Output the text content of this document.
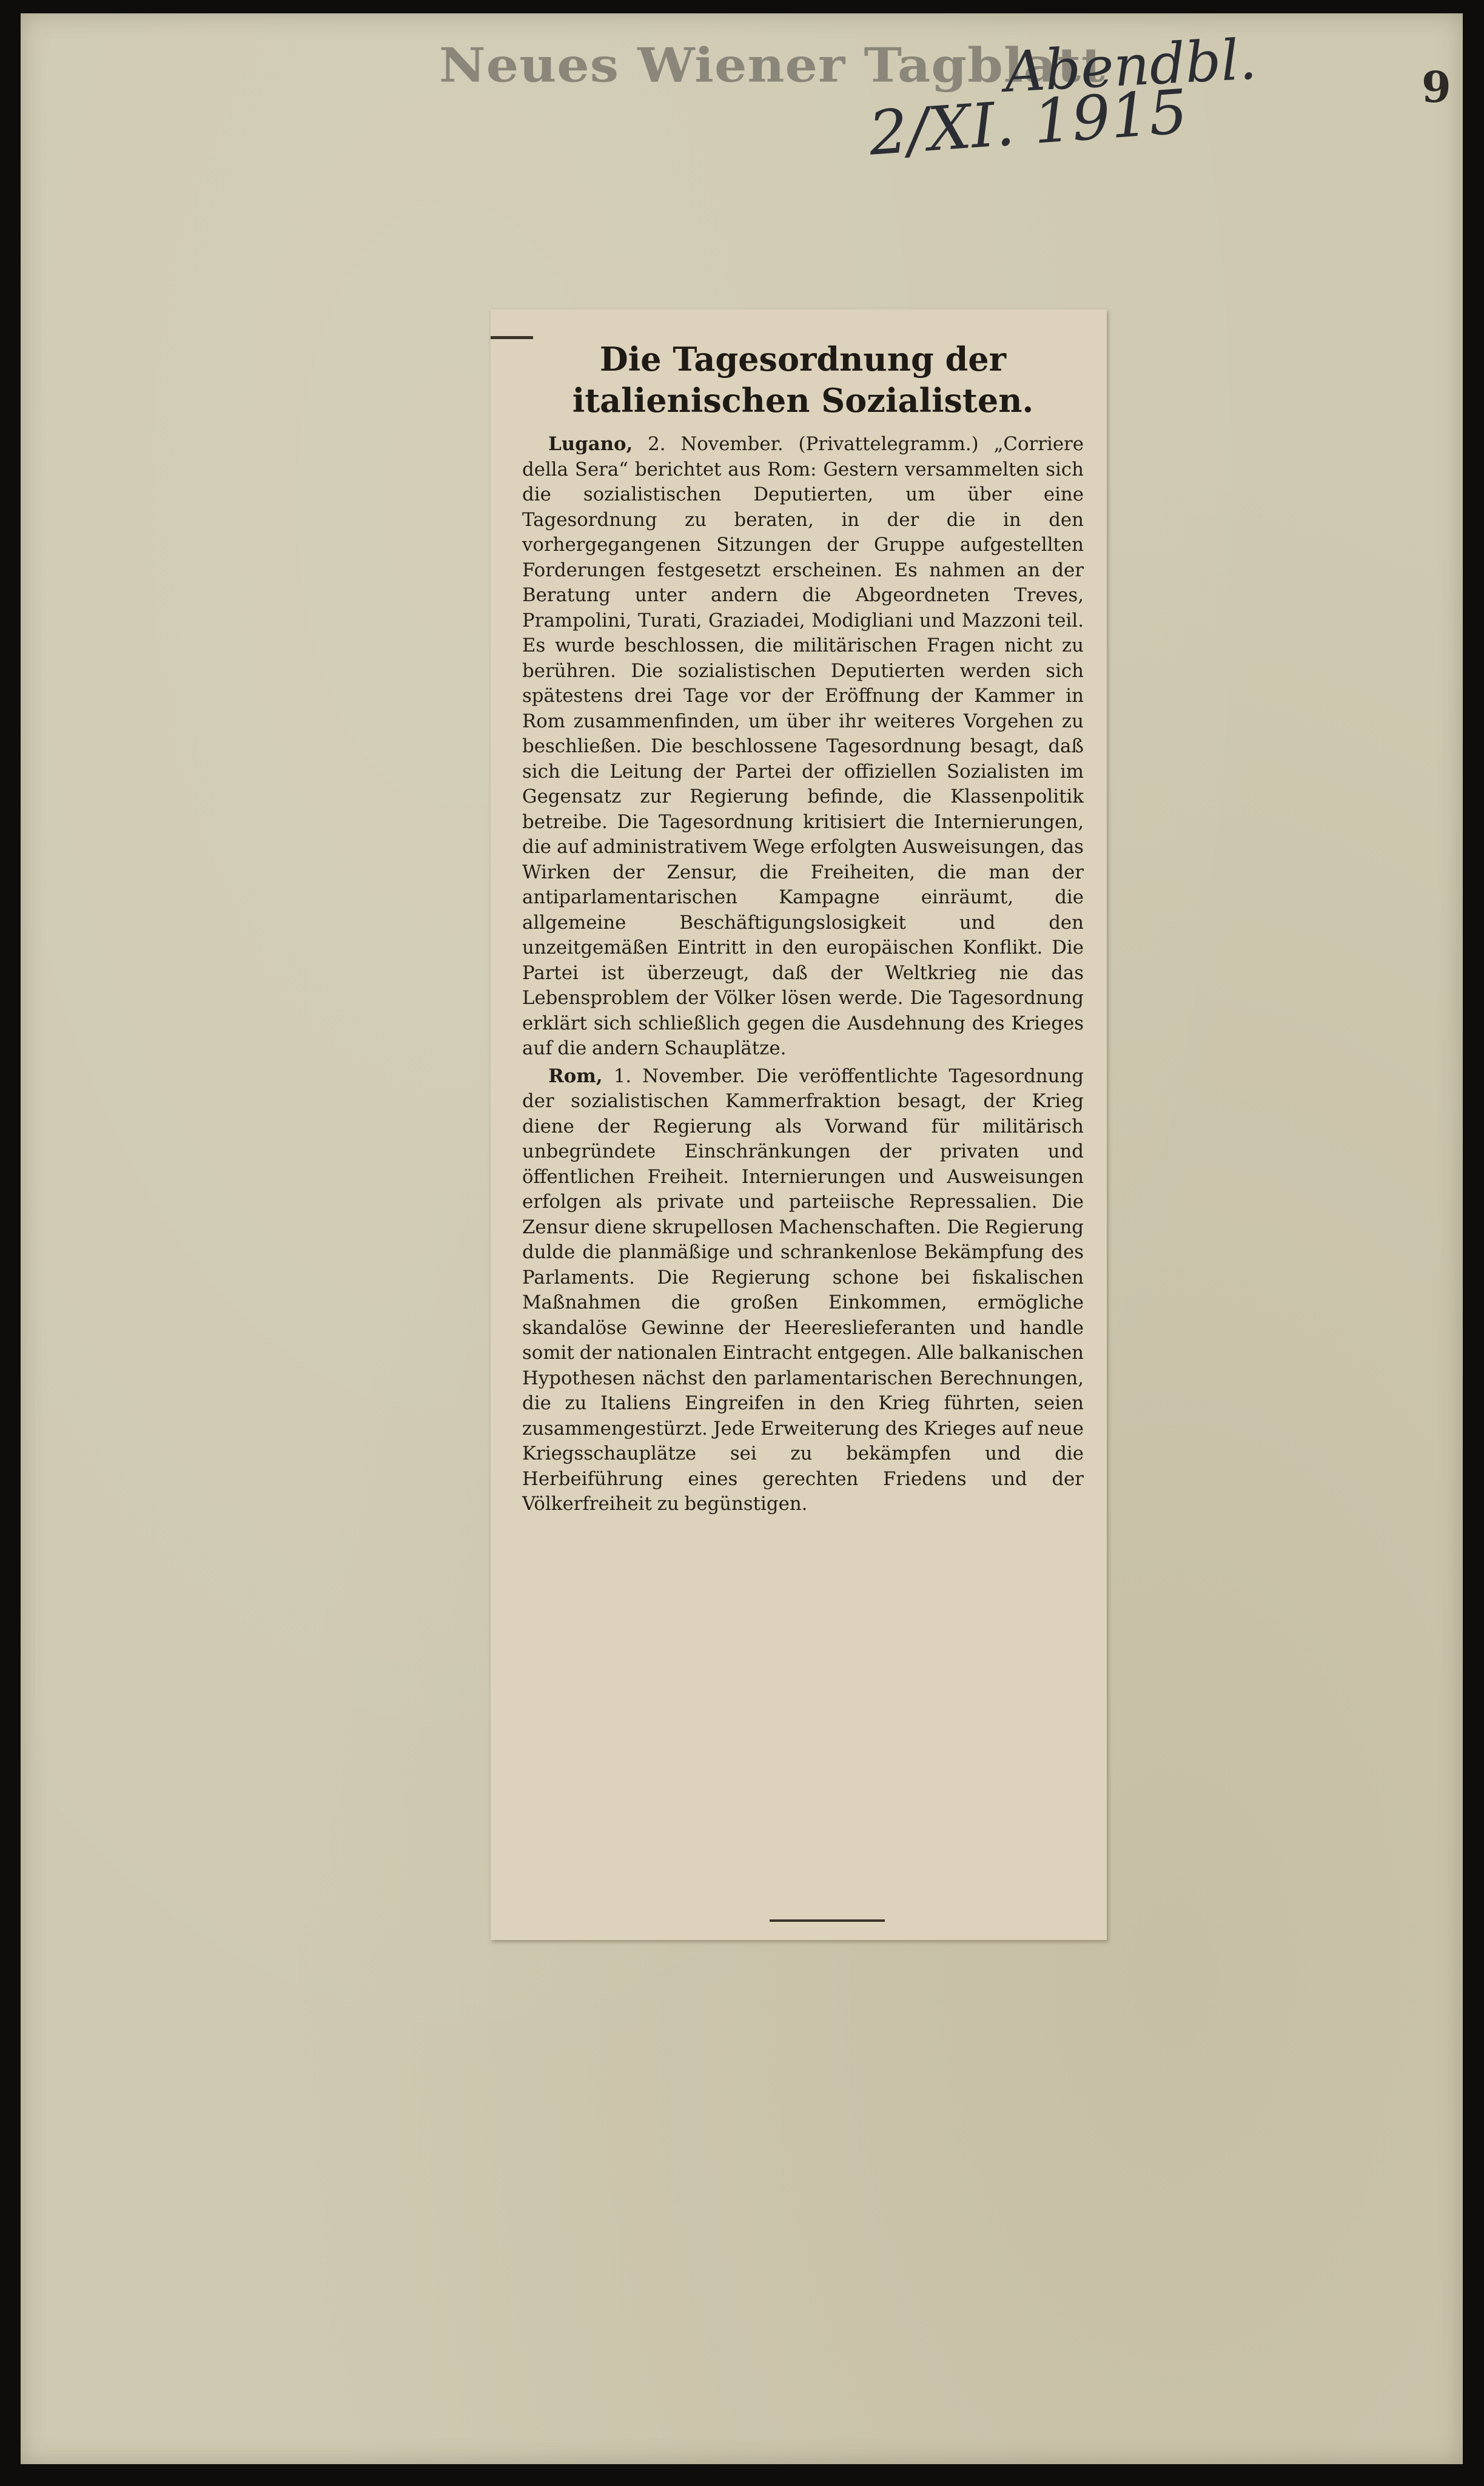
Neues Wiener Tagblatt
Abendbl.
2/XI. 1915	9
Die Tagesordnung der italienischen Sozialisten.

Lugano, 2. November. (Privattelegramm.) „Corriere della Sera“ berichtet aus Rom: Gestern versammelten sich die sozialistischen Deputierten, um über eine Tagesordnung zu beraten, in der die in den vorhergegangenen Sitzungen der Gruppe aufgestellten Forderungen festgesetzt erscheinen. Es nahmen an der Beratung unter andern die Abgeordneten Treves, Prampolini, Turati, Graziadei, Modigliani und Mazzoni teil. Es wurde beschlossen, die militärischen Fragen nicht zu berühren. Die sozialistischen Deputierten werden sich spätestens drei Tage vor der Eröffnung der Kammer in Rom zusammenfinden, um über ihr weiteres Vorgehen zu beschließen. Die beschlossene Tagesordnung besagt, daß sich die Leitung der Partei der offiziellen Sozialisten im Gegensatz zur Regierung befinde, die Klassenpolitik betreibe. Die Tagesordnung kritisiert die Internierungen, die auf administrativem Wege erfolgten Ausweisungen, das Wirken der Zensur, die Freiheiten, die man der antiparlamentarischen Kampagne einräumt, die allgemeine Beschäftigungslosigkeit und den unzeitgemäßen Eintritt in den europäischen Konflikt. Die Partei ist überzeugt, daß der Weltkrieg nie das Lebensproblem der Völker lösen werde. Die Tagesordnung erklärt sich schließlich gegen die Ausdehnung des Krieges auf die andern Schauplätze.

Rom, 1. November. Die veröffentlichte Tagesordnung der sozialistischen Kammerfraktion besagt, der Krieg diene der Regierung als Vorwand für militärisch unbegründete Einschränkungen der privaten und öffentlichen Freiheit. Internierungen und Ausweisungen erfolgen als private und parteiische Repressalien. Die Zensur diene skrupellosen Machenschaften. Die Regierung dulde die planmäßige und schrankenlose Bekämpfung des Parlaments. Die Regierung schone bei fiskalischen Maßnahmen die großen Einkommen, ermögliche skandalöse Gewinne der Heereslieferanten und handle somit der nationalen Eintracht entgegen. Alle balkanischen Hypothesen nächst den parlamentarischen Berechnungen, die zu Italiens Eingreifen in den Krieg führten, seien zusammengestürzt. Jede Erweiterung des Krieges auf neue Kriegsschauplätze sei zu bekämpfen und die Herbeiführung eines gerechten Friedens und der Völkerfreiheit zu begünstigen.
